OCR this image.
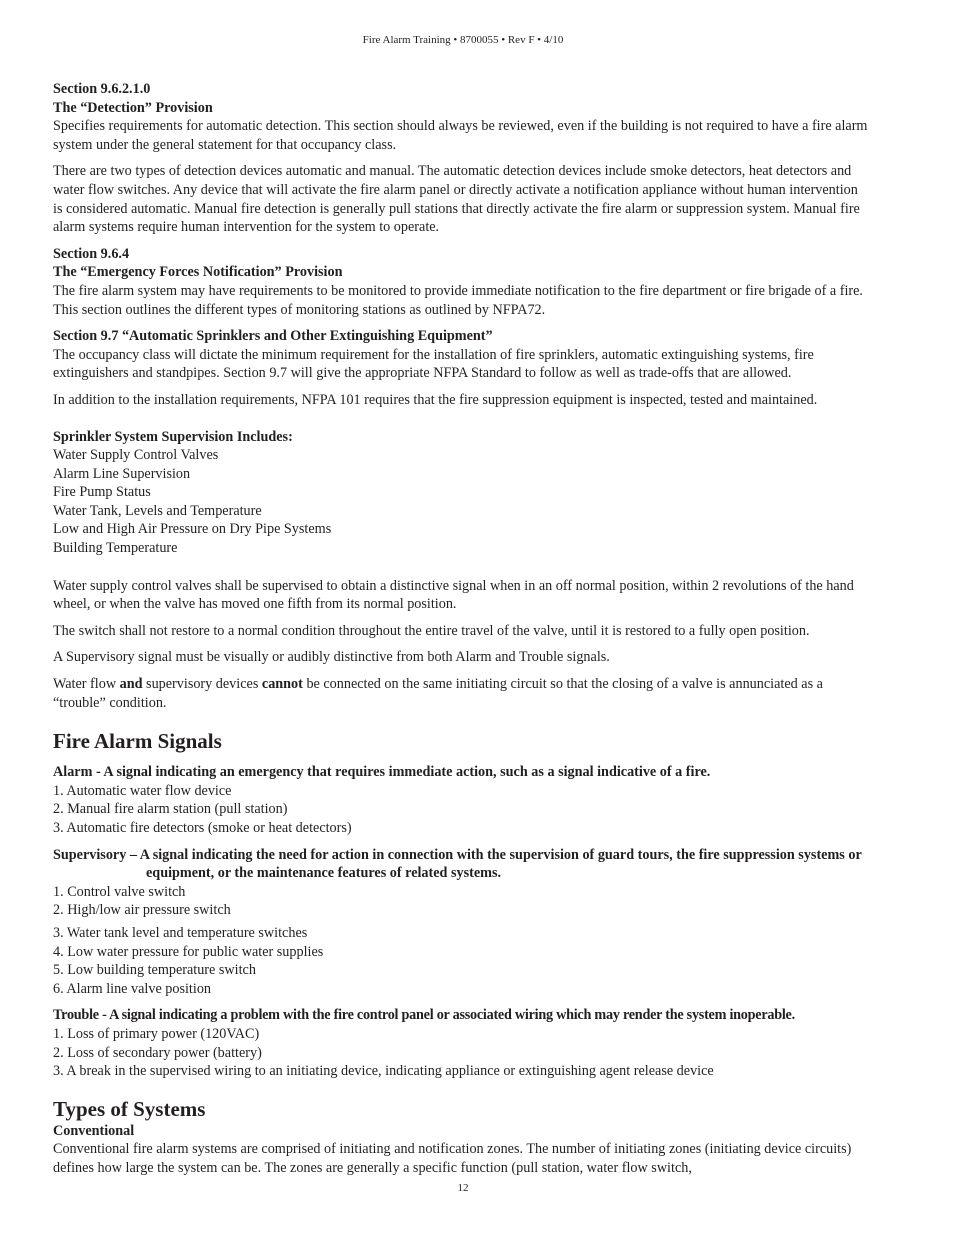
Fire Alarm Training • 8700055 • Rev F • 4/10

Section 9.6.2.1.0

The “Detection” Provision

Specifies requirements for automatic detection. This section should always be reviewed, even if the building is not required to have a fire alarm system under the general statement for that occupancy class.

There are two types of detection devices automatic and manual. The automatic detection devices include smoke detectors, heat detectors and water flow switches. Any device that will activate the fire alarm panel or directly activate a notification appliance without human intervention is considered automatic. Manual fire detection is generally pull stations that directly activate the fire alarm or suppression system. Manual fire alarm systems require human intervention for the system to operate.

Section 9.6.4

The “Emergency Forces Notification” Provision

The fire alarm system may have requirements to be monitored to provide immediate notification to the fire department or fire brigade of a fire. This section outlines the different types of monitoring stations as outlined by NFPA72.

Section 9.7 “Automatic Sprinklers and Other Extinguishing Equipment”

The occupancy class will dictate the minimum requirement for the installation of fire sprinklers, automatic extinguishing systems, fire extinguishers and standpipes. Section 9.7 will give the appropriate NFPA Standard to follow as well as trade-offs that are allowed.

In addition to the installation requirements, NFPA 101 requires that the fire suppression equipment is inspected, tested and maintained.

Sprinkler System Supervision Includes:

Water Supply Control Valves

Alarm Line Supervision

Fire Pump Status

Water Tank, Levels and Temperature

Low and High Air Pressure on Dry Pipe Systems

Building Temperature

Water supply control valves shall be supervised to obtain a distinctive signal when in an off normal position, within 2 revolutions of the hand wheel, or when the valve has moved one fifth from its normal position.

The switch shall not restore to a normal condition throughout the entire travel of the valve, until it is restored to a fully open position.

A Supervisory signal must be visually or audibly distinctive from both Alarm and Trouble signals.

Water flow and supervisory devices cannot be connected on the same initiating circuit so that the closing of a valve is annunciated as a “trouble” condition.

Fire Alarm Signals

Alarm - A signal indicating an emergency that requires immediate action, such as a signal indicative of a fire.

1. Automatic water flow device

2. Manual fire alarm station (pull station)

3. Automatic fire detectors (smoke or heat detectors)

Supervisory – A signal indicating the need for action in connection with the supervision of guard tours, the fire suppression systems or equipment, or the maintenance features of related systems.

1. Control valve switch

2. High/low air pressure switch

3. Water tank level and temperature switches

4. Low water pressure for public water supplies

5. Low building temperature switch

6. Alarm line valve position

Trouble - A signal indicating a problem with the fire control panel or associated wiring which may render the system inoperable.

1. Loss of primary power (120VAC)

2. Loss of secondary power (battery)

3. A break in the supervised wiring to an initiating device, indicating appliance or extinguishing agent release device

Types of Systems

Conventional

Conventional fire alarm systems are comprised of initiating and notification zones. The number of initiating zones (initiating device circuits) defines how large the system can be. The zones are generally a specific function (pull station, water flow switch,

12
